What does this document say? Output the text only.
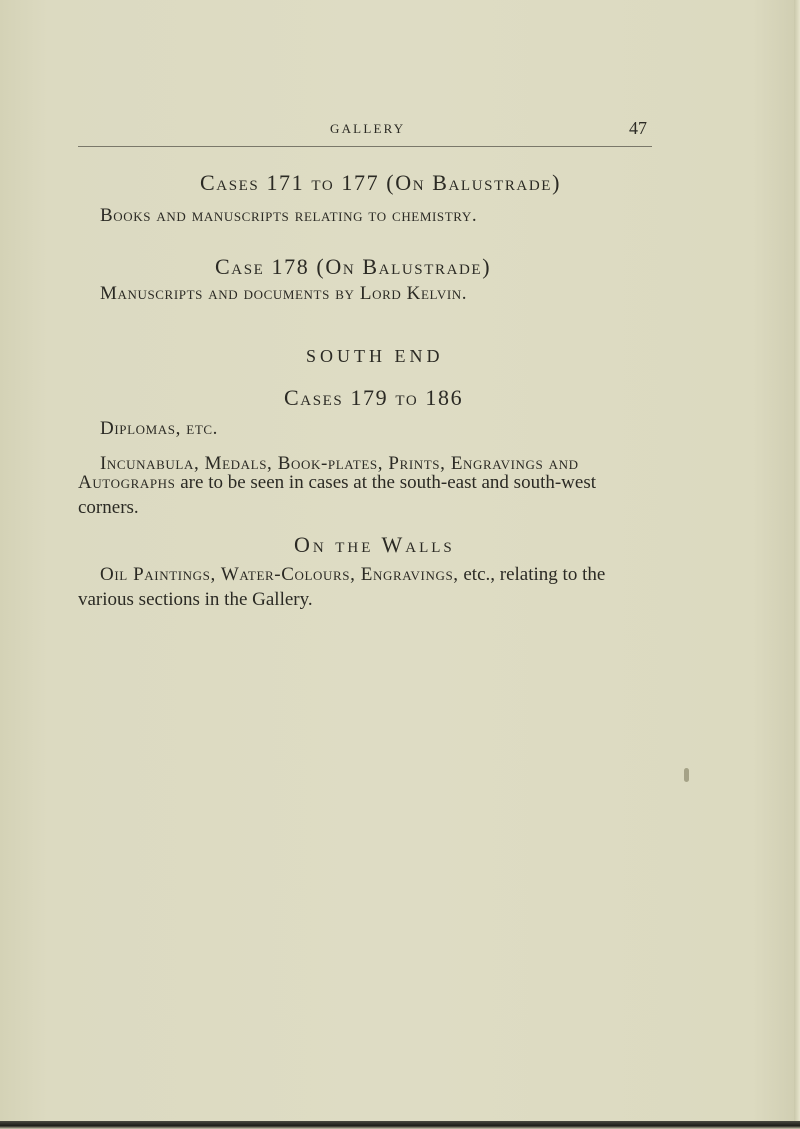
GALLERY	47
Cases 171 to 177 (On Balustrade)
Books and manuscripts relating to chemistry.
Case 178 (On Balustrade)
Manuscripts and documents by Lord Kelvin.
SOUTH END
Cases 179 to 186
Diplomas, etc.
Incunabula, Medals, Book-plates, Prints, Engravings and
Autographs are to be seen in cases at the south-east and south-west
corners.
On the Walls
Oil Paintings, Water-Colours, Engravings, etc., relating to the
various sections in the Gallery.
